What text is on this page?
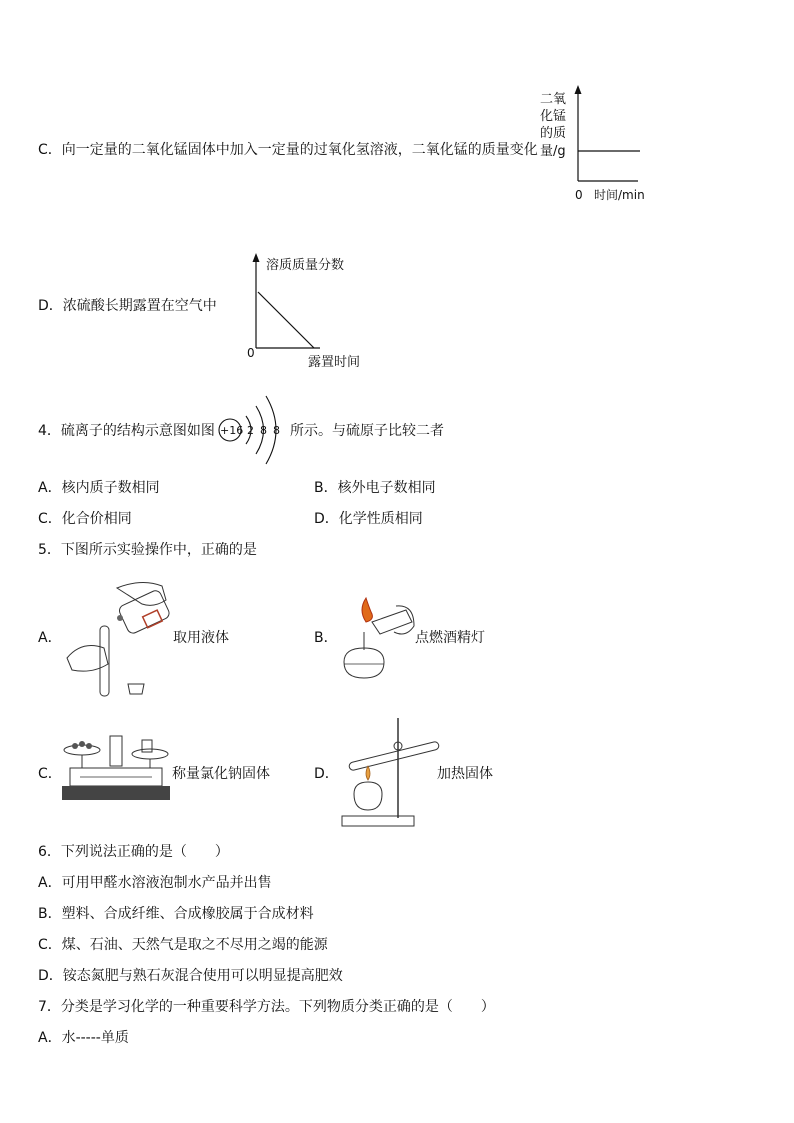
C．向一定量的二氧化锰固体中加入一定量的过氧化氢溶液，二氧化锰的质量变化
二氧
化锰
的质
量/g
0 时间/min
D．浓硫酸长期露置在空气中
溶质质量分数
0
露置时间
4．硫离子的结构示意图如图 +16 2 8 8 所示。与硫原子比较二者
A．核内质子数相同	B．核外电子数相同
C．化合价相同	D．化学性质相同
5．下图所示实验操作中，正确的是
A．	取用液体	B．	点燃酒精灯
C．	称量氯化钠固体	D．	加热固体
6．下列说法正确的是（　　）
A．可用甲醛水溶液泡制水产品并出售
B．塑料、合成纤维、合成橡胶属于合成材料
C．煤、石油、天然气是取之不尽用之竭的能源
D．铵态氮肥与熟石灰混合使用可以明显提高肥效
7．分类是学习化学的一种重要科学方法。下列物质分类正确的是（　　）
A．水-----单质
